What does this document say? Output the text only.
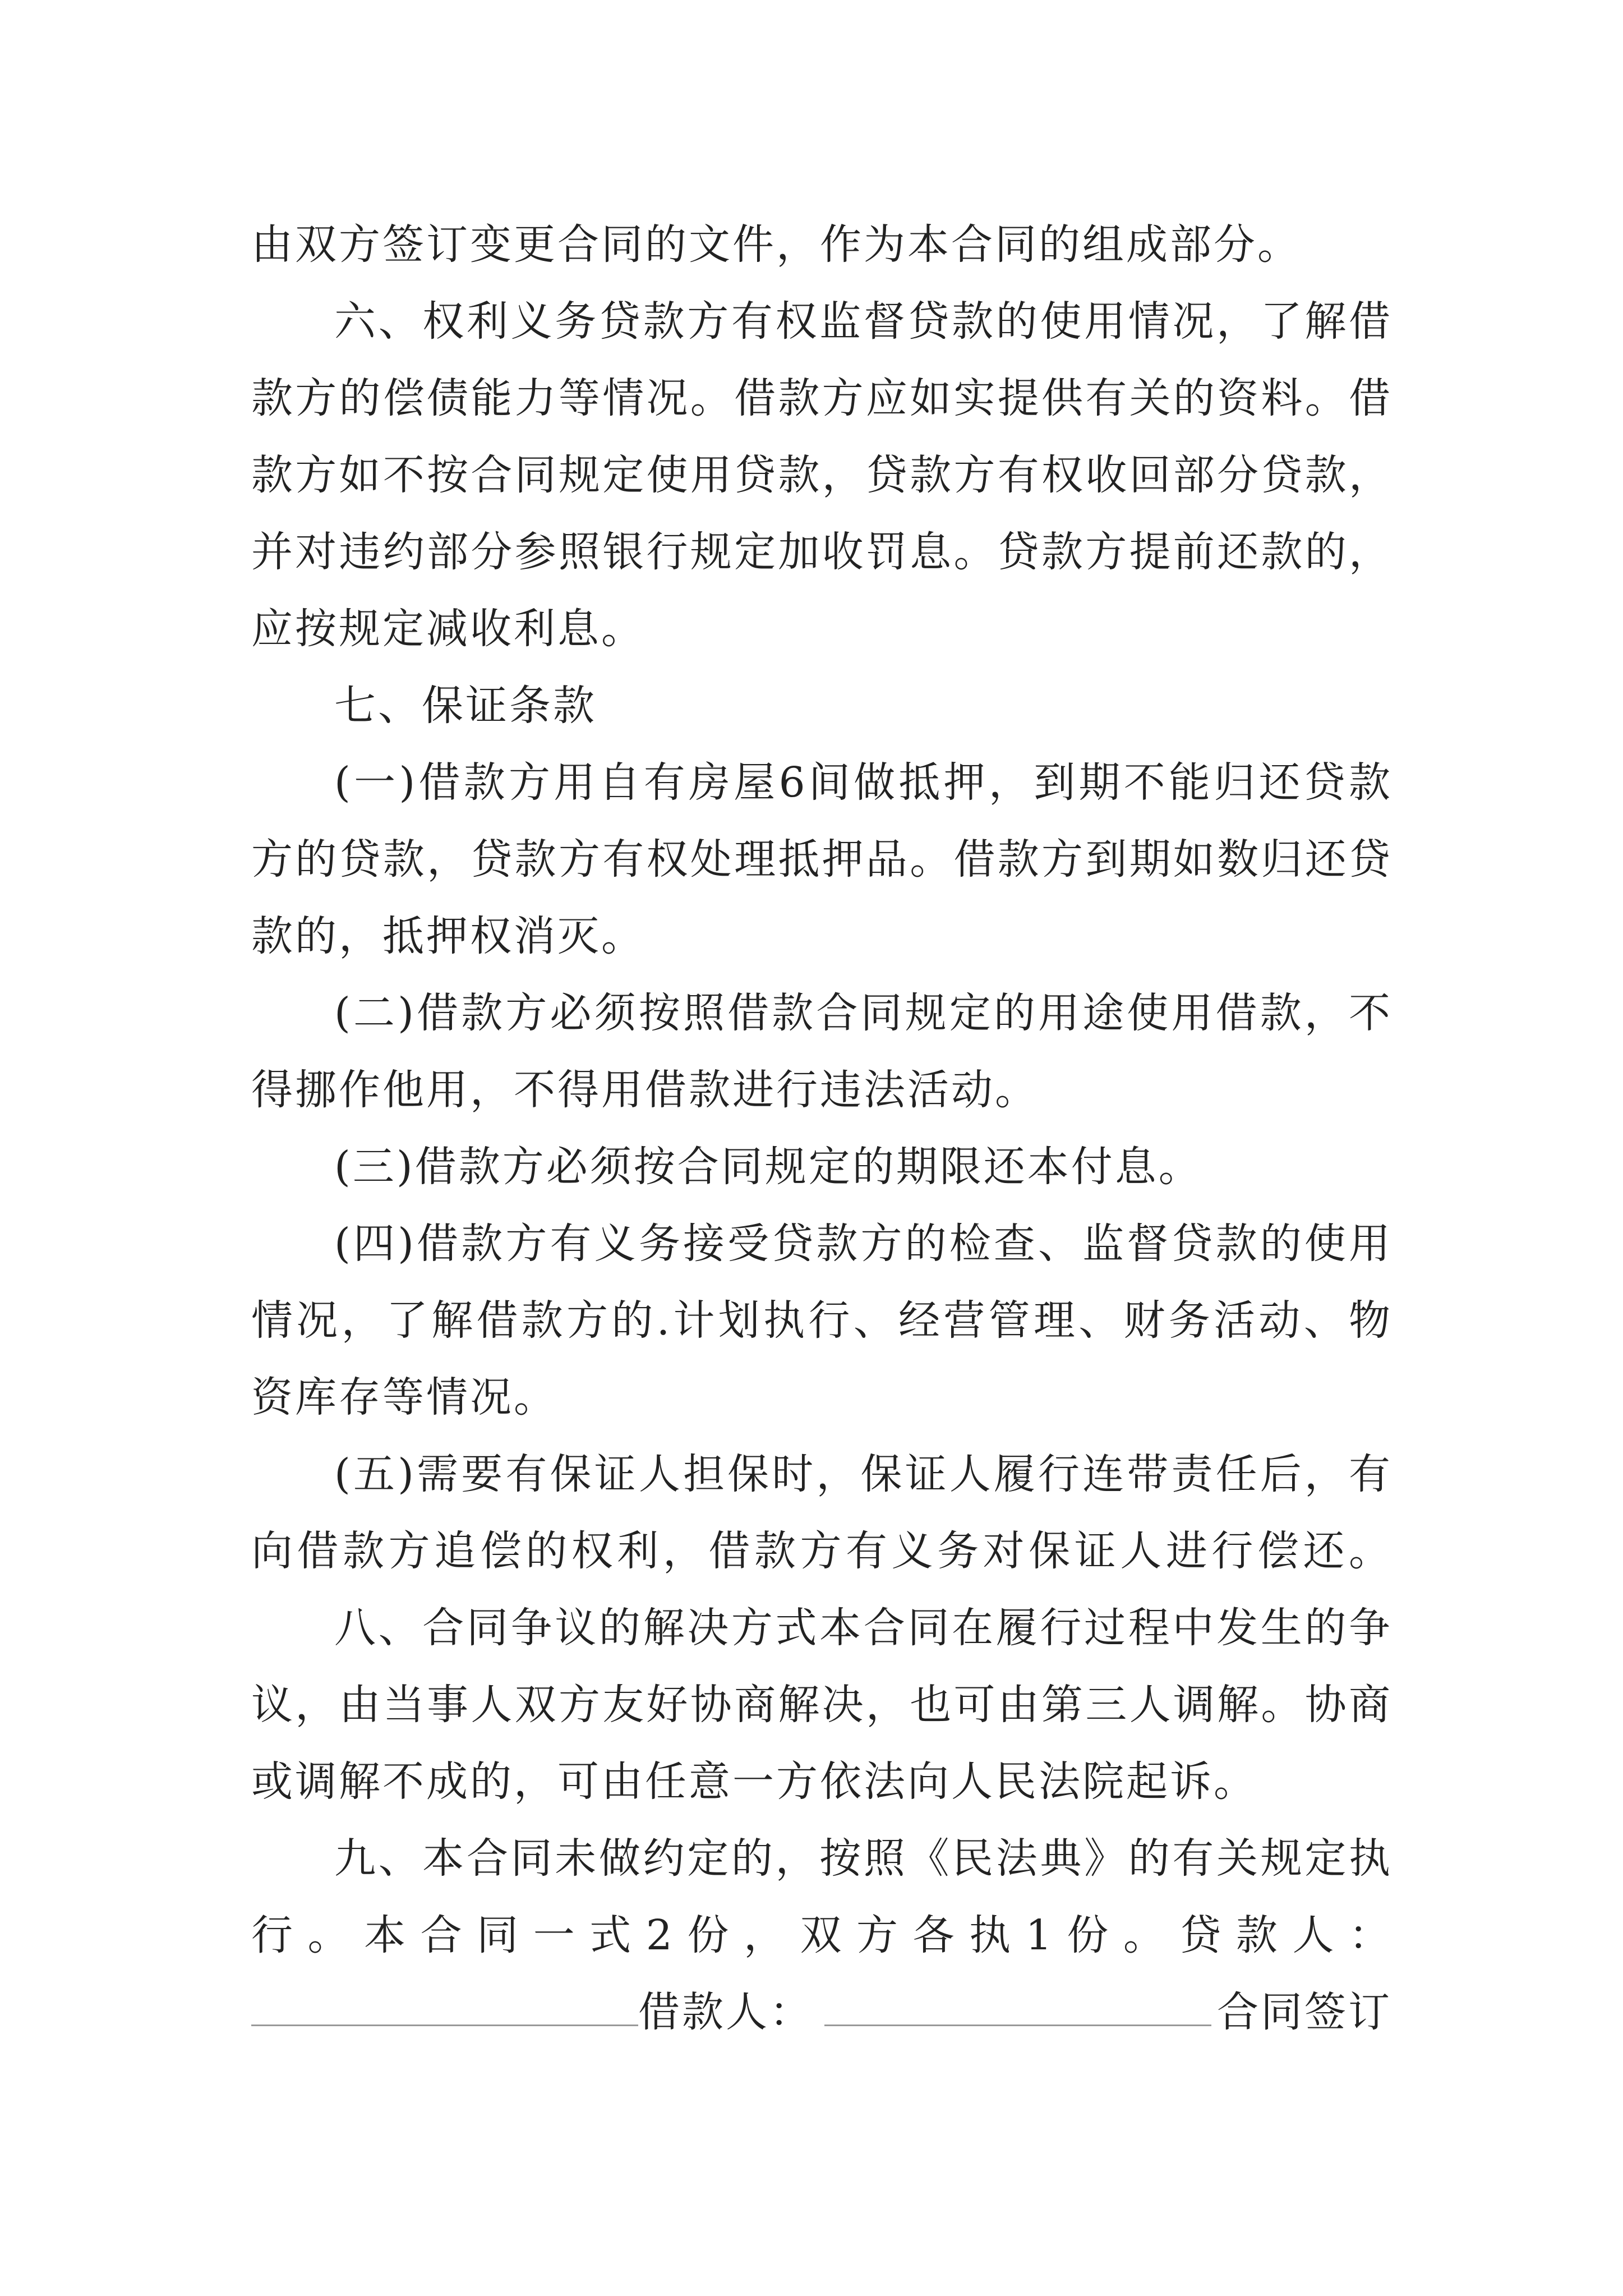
由双方签订变更合同的文件，作为本合同的组成部分。
六、权利义务贷款方有权监督贷款的使用情况，了解借
款方的偿债能力等情况。借款方应如实提供有关的资料。借
款方如不按合同规定使用贷款，贷款方有权收回部分贷款，
并对违约部分参照银行规定加收罚息。贷款方提前还款的，
应按规定减收利息。
七、保证条款
(一)借款方用自有房屋6间做抵押，到期不能归还贷款
方的贷款，贷款方有权处理抵押品。借款方到期如数归还贷
款的，抵押权消灭。
(二)借款方必须按照借款合同规定的用途使用借款，不
得挪作他用，不得用借款进行违法活动。
(三)借款方必须按合同规定的期限还本付息。
(四)借款方有义务接受贷款方的检查、监督贷款的使用
情况，了解借款方的.计划执行、经营管理、财务活动、物
资库存等情况。
(五)需要有保证人担保时，保证人履行连带责任后，有
向借款方追偿的权利，借款方有义务对保证人进行偿还。
八、合同争议的解决方式本合同在履行过程中发生的争
议，由当事人双方友好协商解决，也可由第三人调解。协商
或调解不成的，可由任意一方依法向人民法院起诉。
九、本合同未做约定的，按照《民法典》的有关规定执
行。本合同一式2份，双方各执1份。贷款人：
借款人：	合同签订
